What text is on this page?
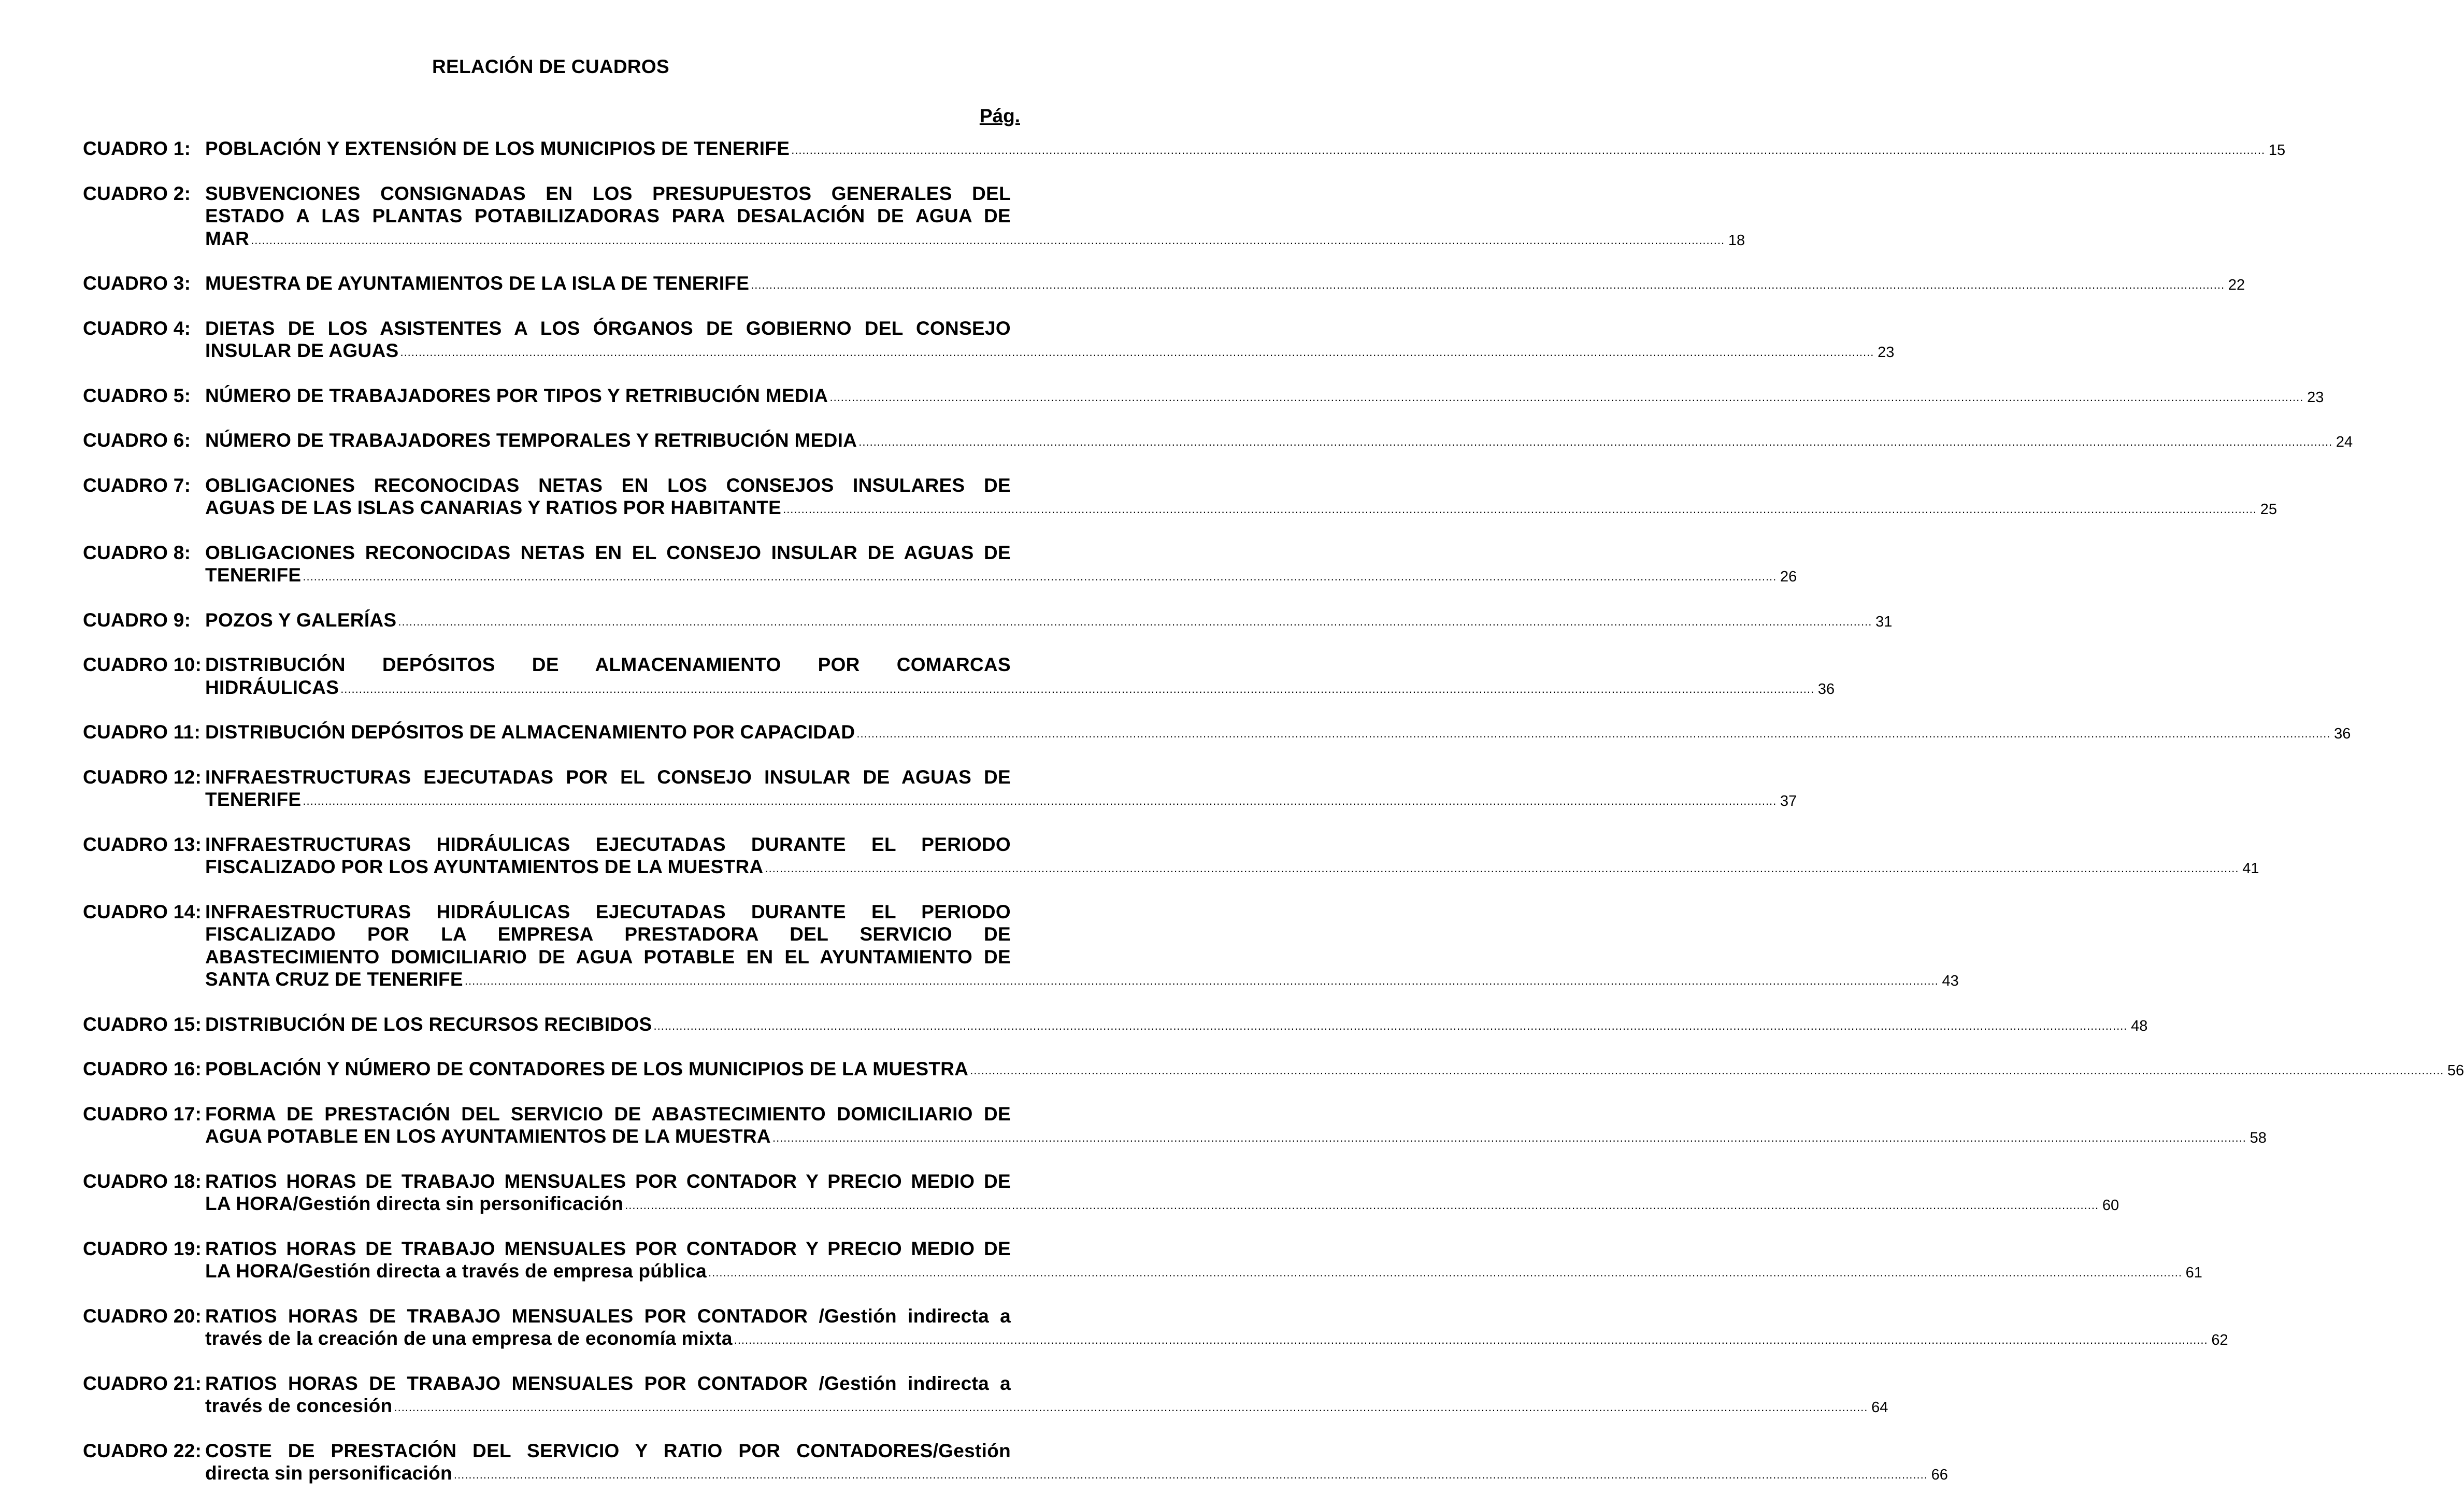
RELACIÓN DE CUADROS
Pág.
CUADRO 1: POBLACIÓN Y EXTENSIÓN DE LOS MUNICIPIOS DE TENERIFE ................................................................................................................................................................................................................................................................................................................................................................................................................ 15
CUADRO 2: SUBVENCIONES CONSIGNADAS EN LOS PRESUPUESTOS GENERALES DEL
ESTADO A LAS PLANTAS POTABILIZADORAS PARA DESALACIÓN DE AGUA DE
MAR ................................................................................................................................................................................................................................................................................................................................................................................................................ 18
CUADRO 3: MUESTRA DE AYUNTAMIENTOS DE LA ISLA DE TENERIFE ................................................................................................................................................................................................................................................................................................................................................................................................................ 22
CUADRO 4: DIETAS DE LOS ASISTENTES A LOS ÓRGANOS DE GOBIERNO DEL CONSEJO
INSULAR DE AGUAS ................................................................................................................................................................................................................................................................................................................................................................................................................ 23
CUADRO 5: NÚMERO DE TRABAJADORES POR TIPOS Y RETRIBUCIÓN MEDIA ................................................................................................................................................................................................................................................................................................................................................................................................................ 23
CUADRO 6: NÚMERO DE TRABAJADORES TEMPORALES Y RETRIBUCIÓN MEDIA ................................................................................................................................................................................................................................................................................................................................................................................................................ 24
CUADRO 7: OBLIGACIONES RECONOCIDAS NETAS EN LOS CONSEJOS INSULARES DE
AGUAS DE LAS ISLAS CANARIAS Y RATIOS POR HABITANTE ................................................................................................................................................................................................................................................................................................................................................................................................................ 25
CUADRO 8: OBLIGACIONES RECONOCIDAS NETAS EN EL CONSEJO INSULAR DE AGUAS DE
TENERIFE ................................................................................................................................................................................................................................................................................................................................................................................................................ 26
CUADRO 9: POZOS Y GALERÍAS ................................................................................................................................................................................................................................................................................................................................................................................................................ 31
CUADRO 10: DISTRIBUCIÓN DEPÓSITOS DE ALMACENAMIENTO POR COMARCAS
HIDRÁULICAS ................................................................................................................................................................................................................................................................................................................................................................................................................ 36
CUADRO 11: DISTRIBUCIÓN DEPÓSITOS DE ALMACENAMIENTO POR CAPACIDAD ................................................................................................................................................................................................................................................................................................................................................................................................................ 36
CUADRO 12: INFRAESTRUCTURAS EJECUTADAS POR EL CONSEJO INSULAR DE AGUAS DE
TENERIFE ................................................................................................................................................................................................................................................................................................................................................................................................................ 37
CUADRO 13: INFRAESTRUCTURAS HIDRÁULICAS EJECUTADAS DURANTE EL PERIODO
FISCALIZADO POR LOS AYUNTAMIENTOS DE LA MUESTRA ................................................................................................................................................................................................................................................................................................................................................................................................................ 41
CUADRO 14: INFRAESTRUCTURAS HIDRÁULICAS EJECUTADAS DURANTE EL PERIODO
FISCALIZADO POR LA EMPRESA PRESTADORA DEL SERVICIO DE
ABASTECIMIENTO DOMICILIARIO DE AGUA POTABLE EN EL AYUNTAMIENTO DE
SANTA CRUZ DE TENERIFE ................................................................................................................................................................................................................................................................................................................................................................................................................ 43
CUADRO 15: DISTRIBUCIÓN DE LOS RECURSOS RECIBIDOS ................................................................................................................................................................................................................................................................................................................................................................................................................ 48
CUADRO 16: POBLACIÓN Y NÚMERO DE CONTADORES DE LOS MUNICIPIOS DE LA MUESTRA ................................................................................................................................................................................................................................................................................................................................................................................................................ 56
CUADRO 17: FORMA DE PRESTACIÓN DEL SERVICIO DE ABASTECIMIENTO DOMICILIARIO DE
AGUA POTABLE EN LOS AYUNTAMIENTOS DE LA MUESTRA ................................................................................................................................................................................................................................................................................................................................................................................................................ 58
CUADRO 18: RATIOS HORAS DE TRABAJO MENSUALES POR CONTADOR Y PRECIO MEDIO DE
LA HORA/Gestión directa sin personificación ................................................................................................................................................................................................................................................................................................................................................................................................................ 60
CUADRO 19: RATIOS HORAS DE TRABAJO MENSUALES POR CONTADOR Y PRECIO MEDIO DE
LA HORA/Gestión directa a través de empresa pública ................................................................................................................................................................................................................................................................................................................................................................................................................ 61
CUADRO 20: RATIOS HORAS DE TRABAJO MENSUALES POR CONTADOR /Gestión indirecta a
través de la creación de una empresa de economía mixta ................................................................................................................................................................................................................................................................................................................................................................................................................ 62
CUADRO 21: RATIOS HORAS DE TRABAJO MENSUALES POR CONTADOR /Gestión indirecta a
través de concesión ................................................................................................................................................................................................................................................................................................................................................................................................................ 64
CUADRO 22: COSTE DE PRESTACIÓN DEL SERVICIO Y RATIO POR CONTADORES/Gestión
directa sin personificación ................................................................................................................................................................................................................................................................................................................................................................................................................ 66
